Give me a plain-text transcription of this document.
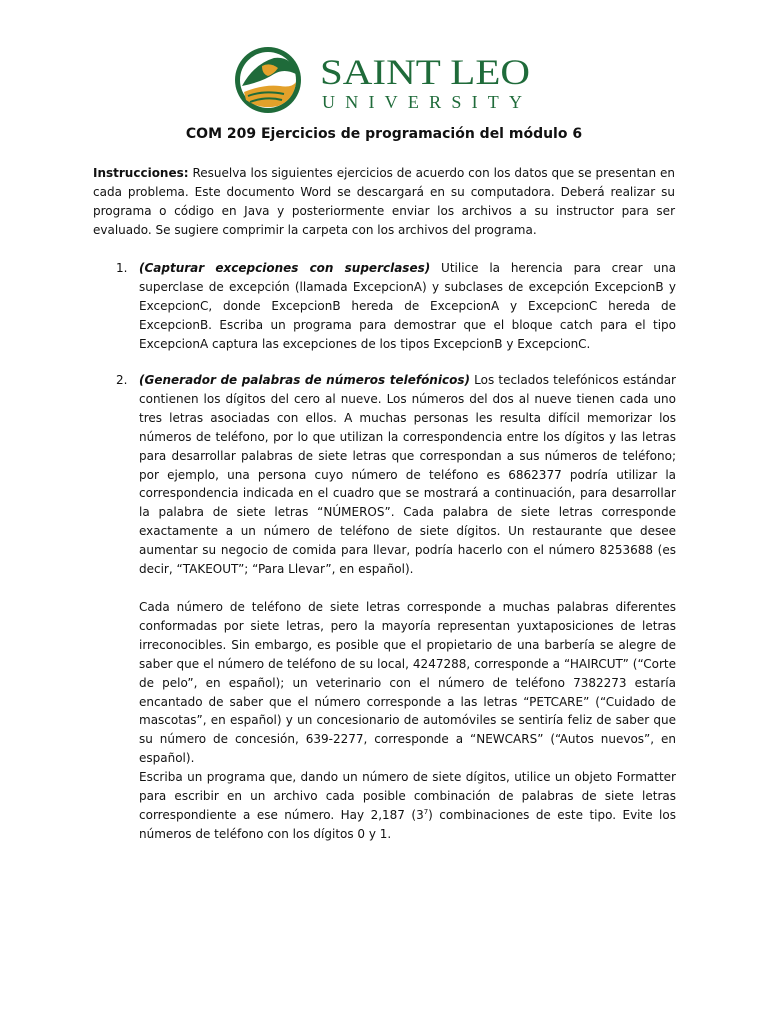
SAINT LEO
UNIVERSITY
COM 209 Ejercicios de programación del módulo 6
Instrucciones: Resuelva los siguientes ejercicios de acuerdo con los datos que se presentan en cada problema. Este documento Word se descargará en su computadora. Deberá realizar su programa o código en Java y posteriormente enviar los archivos a su instructor para ser evaluado. Se sugiere comprimir la carpeta con los archivos del programa.
1. (Capturar excepciones con superclases) Utilice la herencia para crear una superclase de excepción (llamada ExcepcionA) y subclases de excepción ExcepcionB y ExcepcionC, donde ExcepcionB hereda de ExcepcionA y ExcepcionC hereda de ExcepcionB. Escriba un programa para demostrar que el bloque catch para el tipo ExcepcionA captura las excepciones de los tipos ExcepcionB y ExcepcionC.
2. (Generador de palabras de números telefónicos) Los teclados telefónicos estándar contienen los dígitos del cero al nueve. Los números del dos al nueve tienen cada uno tres letras asociadas con ellos. A muchas personas les resulta difícil memorizar los números de teléfono, por lo que utilizan la correspondencia entre los dígitos y las letras para desarrollar palabras de siete letras que correspondan a sus números de teléfono; por ejemplo, una persona cuyo número de teléfono es 6862377 podría utilizar la correspondencia indicada en el cuadro que se mostrará a continuación, para desarrollar la palabra de siete letras “NÚMEROS”. Cada palabra de siete letras corresponde exactamente a un número de teléfono de siete dígitos. Un restaurante que desee aumentar su negocio de comida para llevar, podría hacerlo con el número 8253688 (es decir, “TAKEOUT”; “Para Llevar”, en español).

Cada número de teléfono de siete letras corresponde a muchas palabras diferentes conformadas por siete letras, pero la mayoría representan yuxtaposiciones de letras irreconocibles. Sin embargo, es posible que el propietario de una barbería se alegre de saber que el número de teléfono de su local, 4247288, corresponde a “HAIRCUT” (“Corte de pelo”, en español); un veterinario con el número de teléfono 7382273 estaría encantado de saber que el número corresponde a las letras “PETCARE” (“Cuidado de mascotas”, en español) y un concesionario de automóviles se sentiría feliz de saber que su número de concesión, 639-2277, corresponde a “NEWCARS” (“Autos nuevos”, en español).

Escriba un programa que, dando un número de siete dígitos, utilice un objeto Formatter para escribir en un archivo cada posible combinación de palabras de siete letras correspondiente a ese número. Hay 2,187 $(3^7)$ combinaciones de este tipo. Evite los números de teléfono con los dígitos 0 y 1.
